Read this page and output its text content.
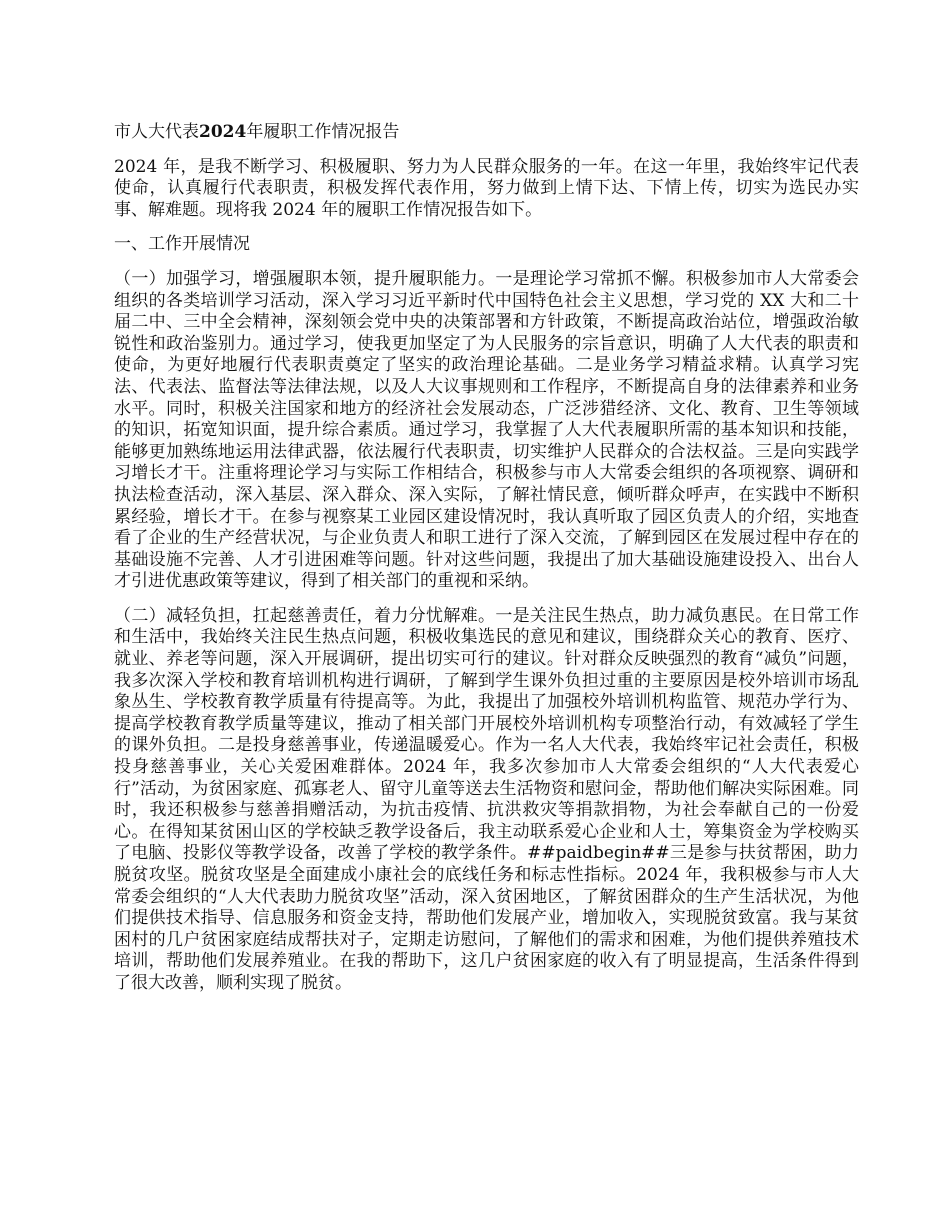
市人大代表2024年履职工作情况报告

2024 年，是我不断学习、积极履职、努力为人民群众服务的一年。在这一年里，我始终牢记代表使命，认真履行代表职责，积极发挥代表作用，努力做到上情下达、下情上传，切实为选民办实事、解难题。现将我 2024 年的履职工作情况报告如下。

一、工作开展情况

（一）加强学习，增强履职本领，提升履职能力。一是理论学习常抓不懈。积极参加市人大常委会组织的各类培训学习活动，深入学习习近平新时代中国特色社会主义思想，学习党的 XX 大和二十届二中、三中全会精神，深刻领会党中央的决策部署和方针政策，不断提高政治站位，增强政治敏锐性和政治鉴别力。通过学习，使我更加坚定了为人民服务的宗旨意识，明确了人大代表的职责和使命，为更好地履行代表职责奠定了坚实的政治理论基础。二是业务学习精益求精。认真学习宪法、代表法、监督法等法律法规，以及人大议事规则和工作程序，不断提高自身的法律素养和业务水平。同时，积极关注国家和地方的经济社会发展动态，广泛涉猎经济、文化、教育、卫生等领域的知识，拓宽知识面，提升综合素质。通过学习，我掌握了人大代表履职所需的基本知识和技能，能够更加熟练地运用法律武器，依法履行代表职责，切实维护人民群众的合法权益。三是向实践学习增长才干。注重将理论学习与实际工作相结合，积极参与市人大常委会组织的各项视察、调研和执法检查活动，深入基层、深入群众、深入实际，了解社情民意，倾听群众呼声，在实践中不断积累经验，增长才干。在参与视察某工业园区建设情况时，我认真听取了园区负责人的介绍，实地查看了企业的生产经营状况，与企业负责人和职工进行了深入交流，了解到园区在发展过程中存在的基础设施不完善、人才引进困难等问题。针对这些问题，我提出了加大基础设施建设投入、出台人才引进优惠政策等建议，得到了相关部门的重视和采纳。

（二）减轻负担，扛起慈善责任，着力分忧解难。一是关注民生热点，助力减负惠民。在日常工作和生活中，我始终关注民生热点问题，积极收集选民的意见和建议，围绕群众关心的教育、医疗、就业、养老等问题，深入开展调研，提出切实可行的建议。针对群众反映强烈的教育“减负”问题，我多次深入学校和教育培训机构进行调研，了解到学生课外负担过重的主要原因是校外培训市场乱象丛生、学校教育教学质量有待提高等。为此，我提出了加强校外培训机构监管、规范办学行为、提高学校教育教学质量等建议，推动了相关部门开展校外培训机构专项整治行动，有效减轻了学生的课外负担。二是投身慈善事业，传递温暖爱心。作为一名人大代表，我始终牢记社会责任，积极投身慈善事业，关心关爱困难群体。2024 年，我多次参加市人大常委会组织的“人大代表爱心行”活动，为贫困家庭、孤寡老人、留守儿童等送去生活物资和慰问金，帮助他们解决实际困难。同时，我还积极参与慈善捐赠活动，为抗击疫情、抗洪救灾等捐款捐物，为社会奉献自己的一份爱心。在得知某贫困山区的学校缺乏教学设备后，我主动联系爱心企业和人士，筹集资金为学校购买了电脑、投影仪等教学设备，改善了学校的教学条件。##paidbegin##三是参与扶贫帮困，助力脱贫攻坚。脱贫攻坚是全面建成小康社会的底线任务和标志性指标。2024 年，我积极参与市人大常委会组织的“人大代表助力脱贫攻坚”活动，深入贫困地区，了解贫困群众的生产生活状况，为他们提供技术指导、信息服务和资金支持，帮助他们发展产业，增加收入，实现脱贫致富。我与某贫困村的几户贫困家庭结成帮扶对子，定期走访慰问，了解他们的需求和困难，为他们提供养殖技术培训，帮助他们发展养殖业。在我的帮助下，这几户贫困家庭的收入有了明显提高，生活条件得到了很大改善，顺利实现了脱贫。
